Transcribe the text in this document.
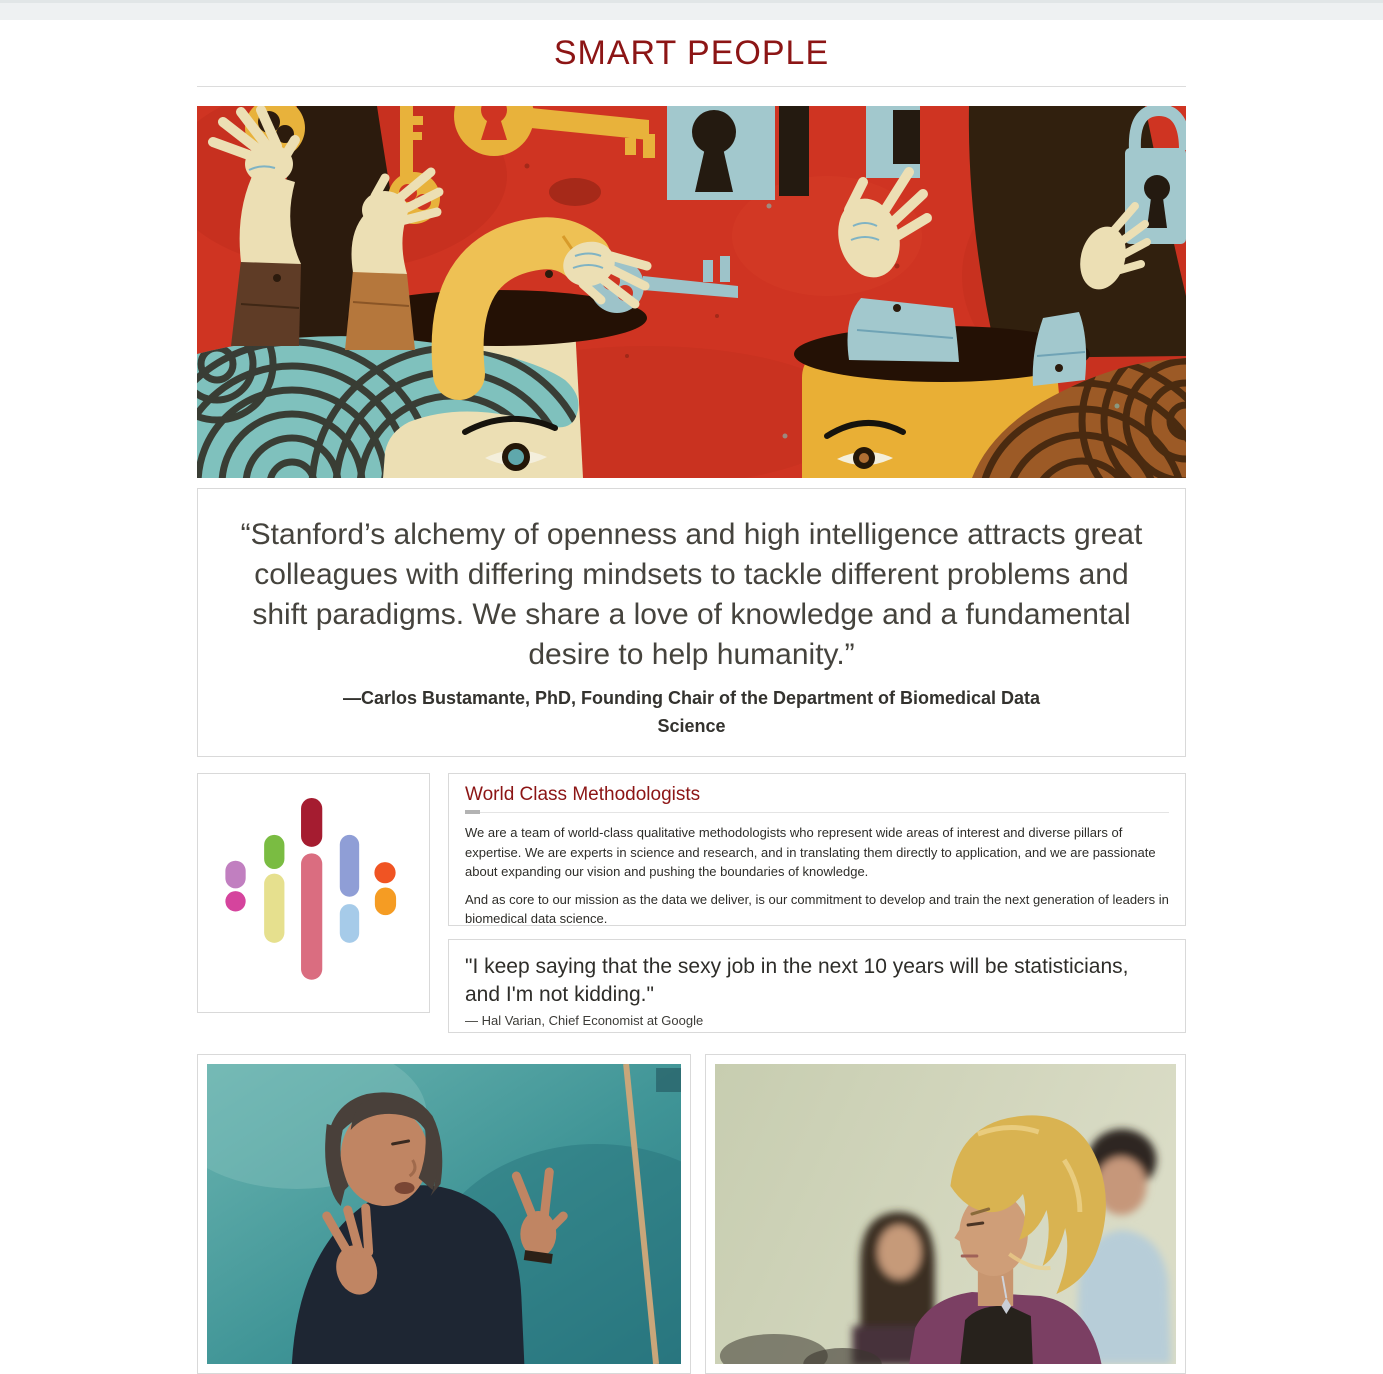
SMART PEOPLE
“Stanford’s alchemy of openness and high intelligence attracts great colleagues with differing mindsets to tackle different problems and shift paradigms. We share a love of knowledge and a fundamental desire to help humanity.”
—Carlos Bustamante, PhD, Founding Chair of the Department of Biomedical Data Science
World Class Methodologists

We are a team of world-class qualitative methodologists who represent wide areas of interest and diverse pillars of expertise. We are experts in science and research, and in translating them directly to application, and we are passionate about expanding our vision and pushing the boundaries of knowledge.

And as core to our mission as the data we deliver, is our commitment to develop and train the next generation of leaders in biomedical data science.

"I keep saying that the sexy job in the next 10 years will be statisticians, and I'm not kidding."

— Hal Varian, Chief Economist at Google
